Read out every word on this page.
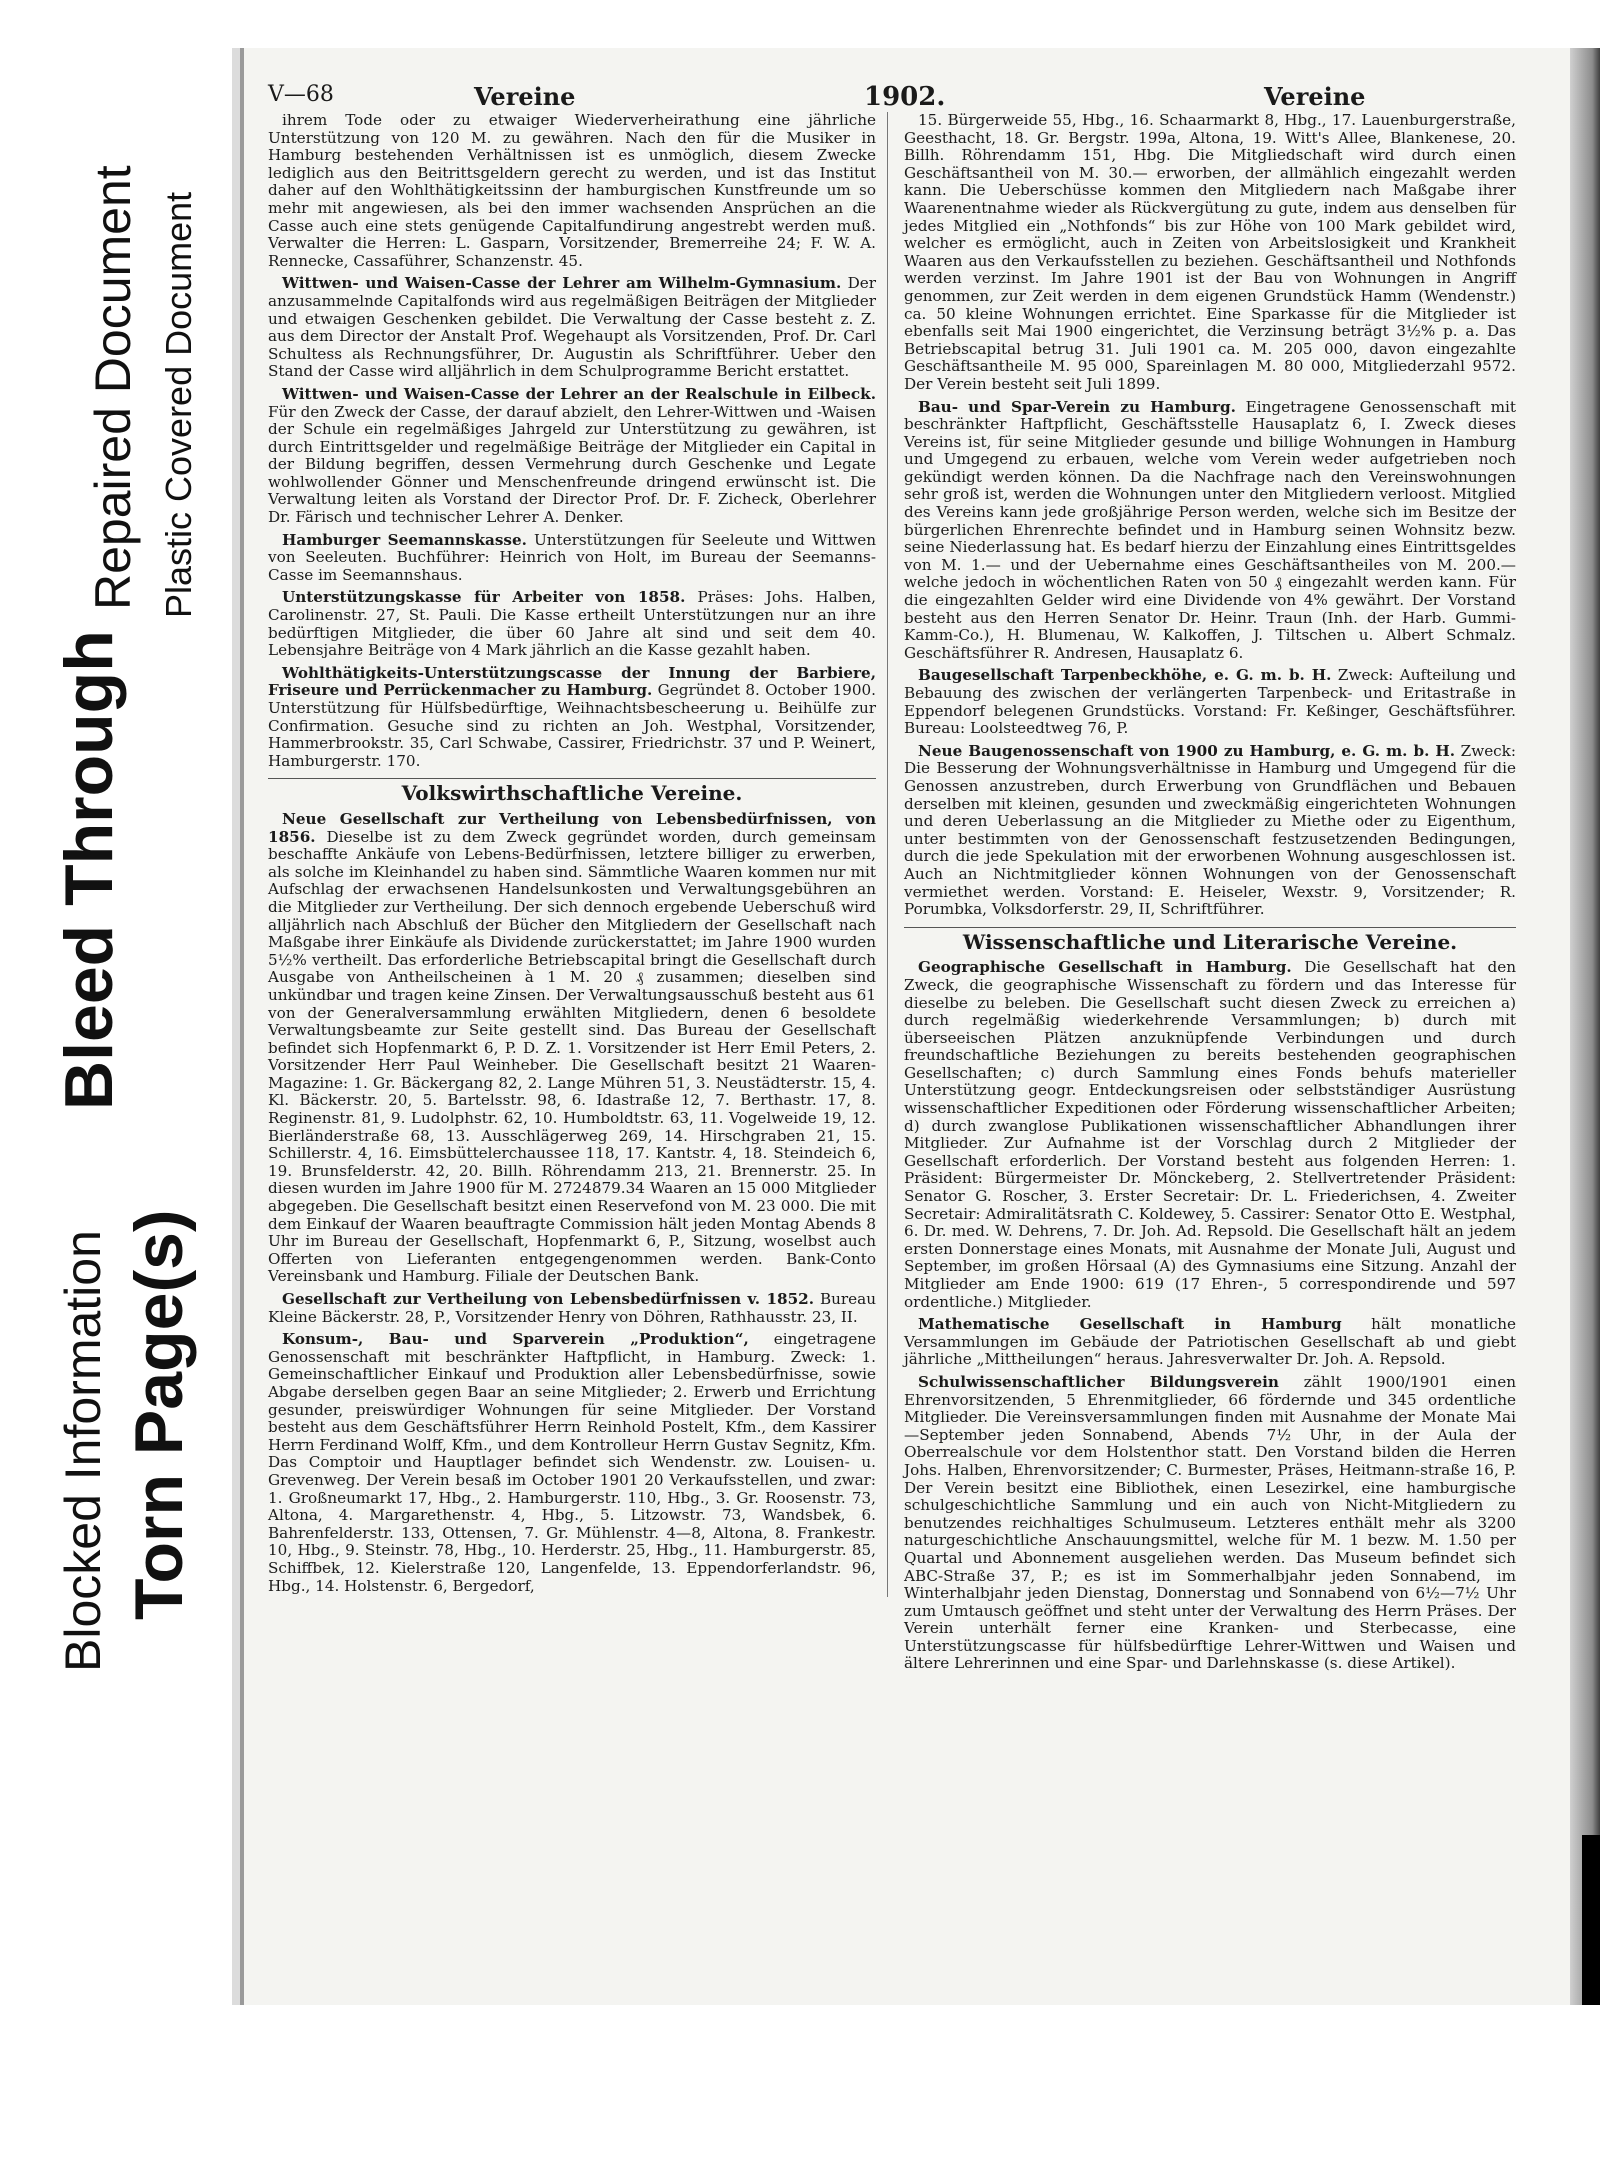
Blocked Information Torn Page(s)
Bleed Through
Repaired Document Plastic Covered Document
V—68	Vereine	1902.	Vereine

ihrem Tode oder zu etwaiger Wiederverheirathung eine jährliche Unterstützung von 120 M. zu gewähren. Nach den für die Musiker in Hamburg bestehenden Verhältnissen ist es unmöglich, diesem Zwecke lediglich aus den Beitrittsgeldern gerecht zu werden, und ist das Institut daher auf den Wohlthätigkeitssinn der hamburgischen Kunstfreunde um so mehr mit angewiesen, als bei den immer wachsenden Ansprüchen an die Casse auch eine stets genügende Capitalfundirung angestrebt werden muß. Verwalter die Herren: L. Gasparn, Vorsitzender, Bremerreihe 24; F. W. A. Rennecke, Cassaführer, Schanzenstr. 45.

Wittwen- und Waisen-Casse der Lehrer am Wilhelm-Gymnasium. Der anzusammelnde Capitalfonds wird aus regelmäßigen Beiträgen der Mitglieder und etwaigen Geschenken gebildet. Die Verwaltung der Casse besteht z. Z. aus dem Director der Anstalt Prof. Wegehaupt als Vorsitzenden, Prof. Dr. Carl Schultess als Rechnungsführer, Dr. Augustin als Schriftführer. Ueber den Stand der Casse wird alljährlich in dem Schulprogramme Bericht erstattet.

Wittwen- und Waisen-Casse der Lehrer an der Realschule in Eilbeck. Für den Zweck der Casse, der darauf abzielt, den Lehrer-Wittwen und -Waisen der Schule ein regelmäßiges Jahrgeld zur Unterstützung zu gewähren, ist durch Eintrittsgelder und regelmäßige Beiträge der Mitglieder ein Capital in der Bildung begriffen, dessen Vermehrung durch Geschenke und Legate wohlwollender Gönner und Menschenfreunde dringend erwünscht ist. Die Verwaltung leiten als Vorstand der Director Prof. Dr. F. Zicheck, Oberlehrer Dr. Färisch und technischer Lehrer A. Denker.

Hamburger Seemannskasse. Unterstützungen für Seeleute und Wittwen von Seeleuten. Buchführer: Heinrich von Holt, im Bureau der Seemanns-Casse im Seemannshaus.

Unterstützungskasse für Arbeiter von 1858. Präses: Johs. Halben, Carolinenstr. 27, St. Pauli. Die Kasse ertheilt Unterstützungen nur an ihre bedürftigen Mitglieder, die über 60 Jahre alt sind und seit dem 40. Lebensjahre Beiträge von 4 Mark jährlich an die Kasse gezahlt haben.

Wohlthätigkeits-Unterstützungscasse der Innung der Barbiere, Friseure und Perrückenmacher zu Hamburg. Gegründet 8. October 1900. Unterstützung für Hülfsbedürftige, Weihnachtsbescheerung u. Beihülfe zur Confirmation. Gesuche sind zu richten an Joh. Westphal, Vorsitzender, Hammerbrookstr. 35, Carl Schwabe, Cassirer, Friedrichstr. 37 und P. Weinert, Hamburgerstr. 170.

Volkswirthschaftliche Vereine.

Neue Gesellschaft zur Vertheilung von Lebensbedürfnissen, von 1856. Dieselbe ist zu dem Zweck gegründet worden, durch gemeinsam beschaffte Ankäufe von Lebens-Bedürfnissen, letztere billiger zu erwerben, als solche im Kleinhandel zu haben sind. Sämmtliche Waaren kommen nur mit Aufschlag der erwachsenen Handelsunkosten und Verwaltungsgebühren an die Mitglieder zur Vertheilung. Der sich dennoch ergebende Ueberschuß wird alljährlich nach Abschluß der Bücher den Mitgliedern der Gesellschaft nach Maßgabe ihrer Einkäufe als Dividende zurückerstattet; im Jahre 1900 wurden 5½% vertheilt. Das erforderliche Betriebscapital bringt die Gesellschaft durch Ausgabe von Antheilscheinen à 1 M. 20 ₰ zusammen; dieselben sind unkündbar und tragen keine Zinsen. Der Verwaltungsausschuß besteht aus 61 von der Generalversammlung erwählten Mitgliedern, denen 6 besoldete Verwaltungsbeamte zur Seite gestellt sind. Das Bureau der Gesellschaft befindet sich Hopfenmarkt 6, P. D. Z. 1. Vorsitzender ist Herr Emil Peters, 2. Vorsitzender Herr Paul Weinheber. Die Gesellschaft besitzt 21 Waaren-Magazine: 1. Gr. Bäckergang 82, 2. Lange Mühren 51, 3. Neustädterstr. 15, 4. Kl. Bäckerstr. 20, 5. Bartelsstr. 98, 6. Idastraße 12, 7. Berthastr. 17, 8. Reginenstr. 81, 9. Ludolphstr. 62, 10. Humboldtstr. 63, 11. Vogelweide 19, 12. Bierländerstraße 68, 13. Ausschlägerweg 269, 14. Hirschgraben 21, 15. Schillerstr. 4, 16. Eimsbüttelerchaussee 118, 17. Kantstr. 4, 18. Steindeich 6, 19. Brunsfelderstr. 42, 20. Billh. Röhrendamm 213, 21. Brennerstr. 25. In diesen wurden im Jahre 1900 für M. 2724879.34 Waaren an 15 000 Mitglieder abgegeben. Die Gesellschaft besitzt einen Reservefond von M. 23 000. Die mit dem Einkauf der Waaren beauftragte Commission hält jeden Montag Abends 8 Uhr im Bureau der Gesellschaft, Hopfenmarkt 6, P., Sitzung, woselbst auch Offerten von Lieferanten entgegengenommen werden. Bank-Conto Vereinsbank und Hamburg. Filiale der Deutschen Bank.

Gesellschaft zur Vertheilung von Lebensbedürfnissen v. 1852. Bureau Kleine Bäckerstr. 28, P., Vorsitzender Henry von Döhren, Rathhausstr. 23, II.

Konsum-, Bau- und Sparverein „Produktion“, eingetragene Genossenschaft mit beschränkter Haftpflicht, in Hamburg. Zweck: 1. Gemeinschaftlicher Einkauf und Produktion aller Lebensbedürfnisse, sowie Abgabe derselben gegen Baar an seine Mitglieder; 2. Erwerb und Errichtung gesunder, preiswürdiger Wohnungen für seine Mitglieder. Der Vorstand besteht aus dem Geschäftsführer Herrn Reinhold Postelt, Kfm., dem Kassirer Herrn Ferdinand Wolff, Kfm., und dem Kontrolleur Herrn Gustav Segnitz, Kfm. Das Comptoir und Hauptlager befindet sich Wendenstr. zw. Louisen- u. Grevenweg. Der Verein besaß im October 1901 20 Verkaufsstellen, und zwar: 1. Großneumarkt 17, Hbg., 2. Hamburgerstr. 110, Hbg., 3. Gr. Roosenstr. 73, Altona, 4. Margarethenstr. 4, Hbg., 5. Litzowstr. 73, Wandsbek, 6. Bahrenfelderstr. 133, Ottensen, 7. Gr. Mühlenstr. 4—8, Altona, 8. Frankestr. 10, Hbg., 9. Steinstr. 78, Hbg., 10. Herderstr. 25, Hbg., 11. Hamburgerstr. 85, Schiffbek, 12. Kielerstraße 120, Langenfelde, 13. Eppendorferlandstr. 96, Hbg., 14. Holstenstr. 6, Bergedorf,

15. Bürgerweide 55, Hbg., 16. Schaarmarkt 8, Hbg., 17. Lauenburgerstraße, Geesthacht, 18. Gr. Bergstr. 199a, Altona, 19. Witt's Allee, Blankenese, 20. Billh. Röhrendamm 151, Hbg. Die Mitgliedschaft wird durch einen Geschäftsantheil von M. 30.— erworben, der allmählich eingezahlt werden kann. Die Ueberschüsse kommen den Mitgliedern nach Maßgabe ihrer Waarenentnahme wieder als Rückvergütung zu gute, indem aus denselben für jedes Mitglied ein „Nothfonds“ bis zur Höhe von 100 Mark gebildet wird, welcher es ermöglicht, auch in Zeiten von Arbeitslosigkeit und Krankheit Waaren aus den Verkaufsstellen zu beziehen. Geschäftsantheil und Nothfonds werden verzinst. Im Jahre 1901 ist der Bau von Wohnungen in Angriff genommen, zur Zeit werden in dem eigenen Grundstück Hamm (Wendenstr.) ca. 50 kleine Wohnungen errichtet. Eine Sparkasse für die Mitglieder ist ebenfalls seit Mai 1900 eingerichtet, die Verzinsung beträgt 3½% p. a. Das Betriebscapital betrug 31. Juli 1901 ca. M. 205 000, davon eingezahlte Geschäftsantheile M. 95 000, Spareinlagen M. 80 000, Mitgliederzahl 9572. Der Verein besteht seit Juli 1899.

Bau- und Spar-Verein zu Hamburg. Eingetragene Genossenschaft mit beschränkter Haftpflicht, Geschäftsstelle Hausaplatz 6, I. Zweck dieses Vereins ist, für seine Mitglieder gesunde und billige Wohnungen in Hamburg und Umgegend zu erbauen, welche vom Verein weder aufgetrieben noch gekündigt werden können. Da die Nachfrage nach den Vereinswohnungen sehr groß ist, werden die Wohnungen unter den Mitgliedern verloost. Mitglied des Vereins kann jede großjährige Person werden, welche sich im Besitze der bürgerlichen Ehrenrechte befindet und in Hamburg seinen Wohnsitz bezw. seine Niederlassung hat. Es bedarf hierzu der Einzahlung eines Eintrittsgeldes von M. 1.— und der Uebernahme eines Geschäftsantheiles von M. 200.— welche jedoch in wöchentlichen Raten von 50 ₰ eingezahlt werden kann. Für die eingezahlten Gelder wird eine Dividende von 4% gewährt. Der Vorstand besteht aus den Herren Senator Dr. Heinr. Traun (Inh. der Harb. Gummi-Kamm-Co.), H. Blumenau, W. Kalkoffen, J. Tiltschen u. Albert Schmalz. Geschäftsführer R. Andresen, Hausaplatz 6.

Baugesellschaft Tarpenbeckhöhe, e. G. m. b. H. Zweck: Aufteilung und Bebauung des zwischen der verlängerten Tarpenbeck- und Eritastraße in Eppendorf belegenen Grundstücks. Vorstand: Fr. Keßinger, Geschäftsführer. Bureau: Loolsteedtweg 76, P.

Neue Baugenossenschaft von 1900 zu Hamburg, e. G. m. b. H. Zweck: Die Besserung der Wohnungsverhältnisse in Hamburg und Umgegend für die Genossen anzustreben, durch Erwerbung von Grundflächen und Bebauen derselben mit kleinen, gesunden und zweckmäßig eingerichteten Wohnungen und deren Ueberlassung an die Mitglieder zu Miethe oder zu Eigenthum, unter bestimmten von der Genossenschaft festzusetzenden Bedingungen, durch die jede Spekulation mit der erworbenen Wohnung ausgeschlossen ist. Auch an Nichtmitglieder können Wohnungen von der Genossenschaft vermiethet werden. Vorstand: E. Heiseler, Wexstr. 9, Vorsitzender; R. Porumbka, Volksdorferstr. 29, II, Schriftführer.

Wissenschaftliche und Literarische Vereine.

Geographische Gesellschaft in Hamburg. Die Gesellschaft hat den Zweck, die geographische Wissenschaft zu fördern und das Interesse für dieselbe zu beleben. Die Gesellschaft sucht diesen Zweck zu erreichen a) durch regelmäßig wiederkehrende Versammlungen; b) durch mit überseeischen Plätzen anzuknüpfende Verbindungen und durch freundschaftliche Beziehungen zu bereits bestehenden geographischen Gesellschaften; c) durch Sammlung eines Fonds behufs materieller Unterstützung geogr. Entdeckungsreisen oder selbstständiger Ausrüstung wissenschaftlicher Expeditionen oder Förderung wissenschaftlicher Arbeiten; d) durch zwanglose Publikationen wissenschaftlicher Abhandlungen ihrer Mitglieder. Zur Aufnahme ist der Vorschlag durch 2 Mitglieder der Gesellschaft erforderlich. Der Vorstand besteht aus folgenden Herren: 1. Präsident: Bürgermeister Dr. Mönckeberg, 2. Stellvertretender Präsident: Senator G. Roscher, 3. Erster Secretair: Dr. L. Friederichsen, 4. Zweiter Secretair: Admiralitätsrath C. Koldewey, 5. Cassirer: Senator Otto E. Westphal, 6. Dr. med. W. Dehrens, 7. Dr. Joh. Ad. Repsold. Die Gesellschaft hält an jedem ersten Donnerstage eines Monats, mit Ausnahme der Monate Juli, August und September, im großen Hörsaal (A) des Gymnasiums eine Sitzung. Anzahl der Mitglieder am Ende 1900: 619 (17 Ehren-, 5 correspondirende und 597 ordentliche.) Mitglieder.

Mathematische Gesellschaft in Hamburg hält monatliche Versammlungen im Gebäude der Patriotischen Gesellschaft ab und giebt jährliche „Mittheilungen“ heraus. Jahresverwalter Dr. Joh. A. Repsold.

Schulwissenschaftlicher Bildungsverein zählt 1900/1901 einen Ehrenvorsitzenden, 5 Ehrenmitglieder, 66 fördernde und 345 ordentliche Mitglieder. Die Vereinsversammlungen finden mit Ausnahme der Monate Mai—September jeden Sonnabend, Abends 7½ Uhr, in der Aula der Oberrealschule vor dem Holstenthor statt. Den Vorstand bilden die Herren Johs. Halben, Ehrenvorsitzender; C. Burmester, Präses, Heitmann-straße 16, P. Der Verein besitzt eine Bibliothek, einen Lesezirkel, eine hamburgische schulgeschichtliche Sammlung und ein auch von Nicht-Mitgliedern zu benutzendes reichhaltiges Schulmuseum. Letzteres enthält mehr als 3200 naturgeschichtliche Anschauungsmittel, welche für M. 1 bezw. M. 1.50 per Quartal und Abonnement ausgeliehen werden. Das Museum befindet sich ABC-Straße 37, P.; es ist im Sommerhalbjahr jeden Sonnabend, im Winterhalbjahr jeden Dienstag, Donnerstag und Sonnabend von 6½—7½ Uhr zum Umtausch geöffnet und steht unter der Verwaltung des Herrn Präses. Der Verein unterhält ferner eine Kranken- und Sterbecasse, eine Unterstützungscasse für hülfsbedürftige Lehrer-Wittwen und Waisen und ältere Lehrerinnen und eine Spar- und Darlehnskasse (s. diese Artikel).
